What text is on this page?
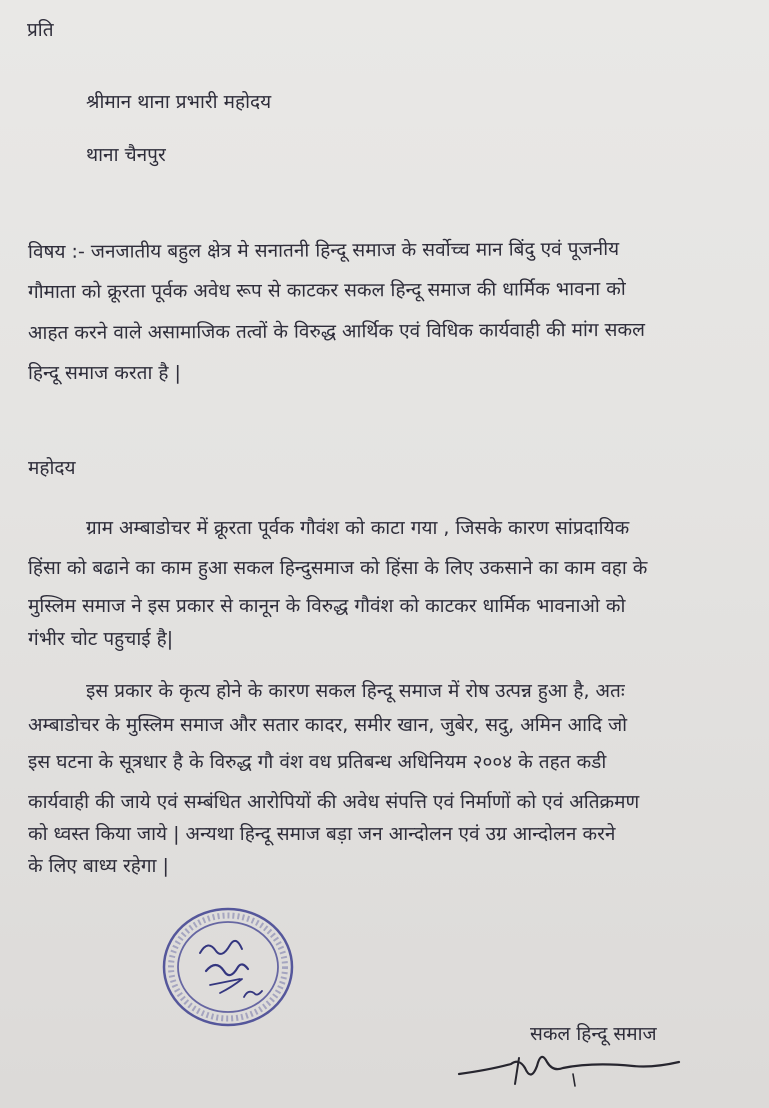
प्रति
श्रीमान थाना प्रभारी महोदय
थाना चैनपुर
विषय :- जनजातीय बहुल क्षेत्र मे सनातनी हिन्दू समाज के सर्वोच्च मान बिंदु एवं पूजनीय
गौमाता को क्रूरता पूर्वक अवेध रूप से काटकर सकल हिन्दू समाज की धार्मिक भावना को
आहत करने वाले असामाजिक तत्वों के विरुद्ध आर्थिक एवं विधिक कार्यवाही की मांग सकल
हिन्दू समाज करता है |
महोदय
ग्राम अम्बाडोचर में क्रूरता पूर्वक गौवंश को काटा गया , जिसके कारण सांप्रदायिक
हिंसा को बढाने का काम हुआ सकल हिन्दुसमाज को हिंसा के लिए उकसाने का काम वहा के
मुस्लिम समाज ने इस प्रकार से कानून के विरुद्ध गौवंश को काटकर धार्मिक भावनाओ को
गंभीर चोट पहुचाई है|
इस प्रकार के कृत्य होने के कारण सकल हिन्दू समाज में रोष उत्पन्न हुआ है, अतः
अम्बाडोचर के मुस्लिम समाज और सतार कादर, समीर खान, जुबेर, सदु, अमिन आदि जो
इस घटना के सूत्रधार है के विरुद्ध गौ वंश वध प्रतिबन्ध अधिनियम २००४ के तहत कडी
कार्यवाही की जाये एवं सम्बंधित आरोपियों की अवेध संपत्ति एवं निर्माणों को एवं अतिक्रमण
को ध्वस्त किया जाये | अन्यथा हिन्दू समाज बड़ा जन आन्दोलन एवं उग्र आन्दोलन करने
के लिए बाध्य रहेगा |
सकल हिन्दू समाज
